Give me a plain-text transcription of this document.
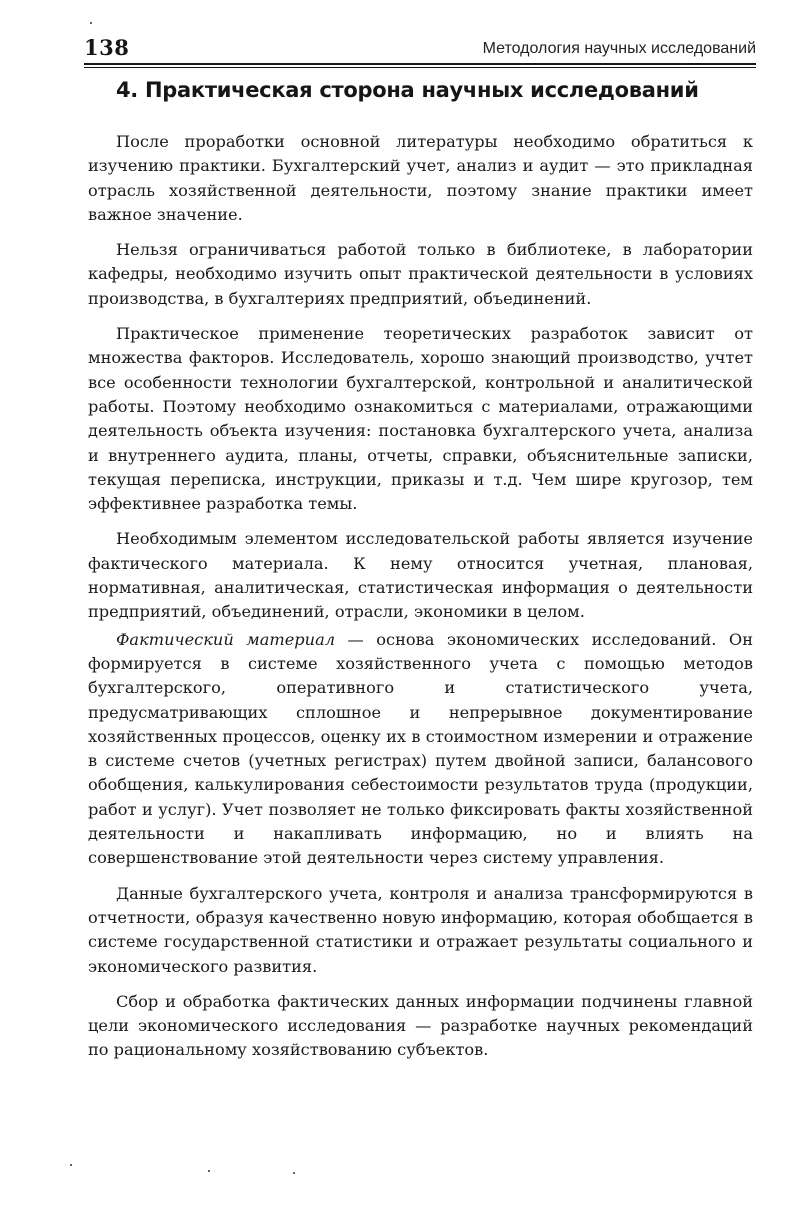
138	Методология научных исследований
4. Практическая сторона научных исследований

После проработки основной литературы необходимо обратиться к изучению практики. Бухгалтерский учет, анализ и аудит — это прикладная отрасль хозяйственной деятельности, поэтому знание практики имеет важное значение.

Нельзя ограничиваться работой только в библиотеке, в лаборатории кафедры, необходимо изучить опыт практической деятельности в условиях производства, в бухгалтериях предприятий, объединений.

Практическое применение теоретических разработок зависит от множества факторов. Исследователь, хорошо знающий производство, учтет все особенности технологии бухгалтерской, контрольной и аналитической работы. Поэтому необходимо ознакомиться с материалами, отражающими деятельность объекта изучения: постановка бухгалтерского учета, анализа и внутреннего аудита, планы, отчеты, справки, объяснительные записки, текущая переписка, инструкции, приказы и т.д. Чем шире кругозор, тем эффективнее разработка темы.

Необходимым элементом исследовательской работы является изучение фактического материала. К нему относится учетная, плановая, нормативная, аналитическая, статистическая информация о деятельности предприятий, объединений, отрасли, экономики в целом.

Фактический материал — основа экономических исследований. Он формируется в системе хозяйственного учета с помощью методов бухгалтерского, оперативного и статистического учета, предусматривающих сплошное и непрерывное документирование хозяйственных процессов, оценку их в стоимостном измерении и отражение в системе счетов (учетных регистрах) путем двойной записи, балансового обобщения, калькулирования себестоимости результатов труда (продукции, работ и услуг). Учет позволяет не только фиксировать факты хозяйственной деятельности и накапливать информацию, но и влиять на совершенствование этой деятельности через систему управления.

Данные бухгалтерского учета, контроля и анализа трансформируются в отчетности, образуя качественно новую информацию, которая обобщается в системе государственной статистики и отражает результаты социального и экономического развития.

Сбор и обработка фактических данных информации подчинены главной цели экономического исследования — разработке научных рекомендаций по рациональному хозяйствованию субъектов.
